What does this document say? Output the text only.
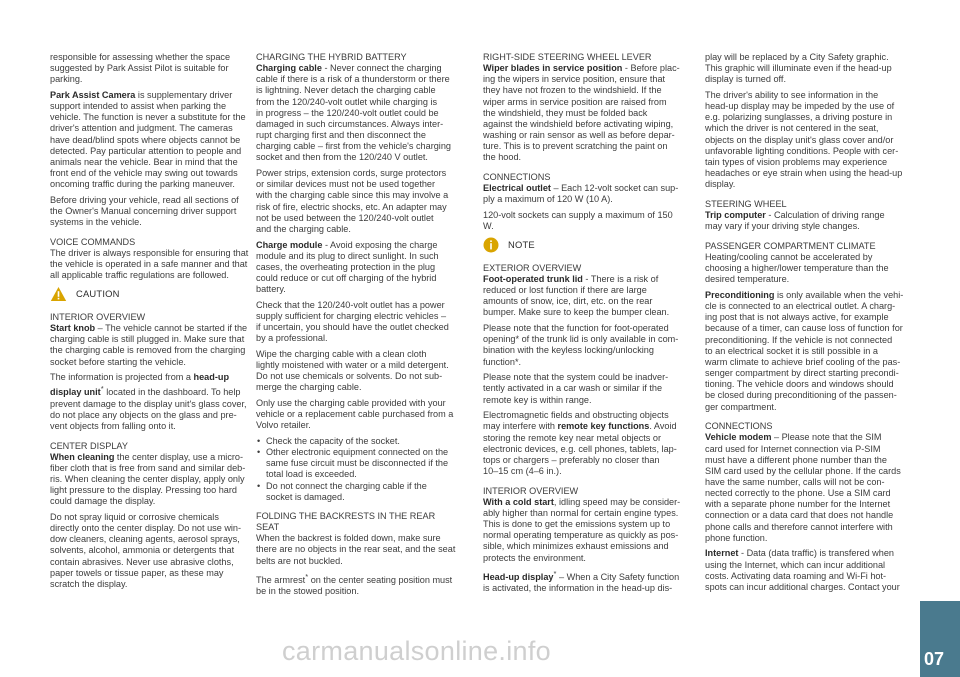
responsible for assessing whether the space
suggested by Park Assist Pilot is suitable for
parking.

Park Assist Camera is supplementary driver
support intended to assist when parking the
vehicle. The function is never a substitute for the
driver's attention and judgment. The cameras
have dead/blind spots where objects cannot be
detected. Pay particular attention to people and
animals near the vehicle. Bear in mind that the
front end of the vehicle may swing out towards
oncoming traffic during the parking maneuver.

Before driving your vehicle, read all sections of
the Owner's Manual concerning driver support
systems in the vehicle.

VOICE COMMANDS

The driver is always responsible for ensuring that
the vehicle is operated in a safe manner and that
all applicable traffic regulations are followed.

CAUTION
INTERIOR OVERVIEW

Start knob – The vehicle cannot be started if the
charging cable is still plugged in. Make sure that
the charging cable is removed from the charging
socket before starting the vehicle.

The information is projected from a head-up
display unit* located in the dashboard. To help
prevent damage to the display unit's glass cover,
do not place any objects on the glass and pre-
vent objects from falling onto it.

CENTER DISPLAY

When cleaning the center display, use a micro-
fiber cloth that is free from sand and similar deb-
ris. When cleaning the center display, apply only
light pressure to the display. Pressing too hard
could damage the display.

Do not spray liquid or corrosive chemicals
directly onto the center display. Do not use win-
dow cleaners, cleaning agents, aerosol sprays,
solvents, alcohol, ammonia or detergents that
contain abrasives. Never use abrasive cloths,
paper towels or tissue paper, as these may
scratch the display.

CHARGING THE HYBRID BATTERY

Charging cable - Never connect the charging
cable if there is a risk of a thunderstorm or there
is lightning. Never detach the charging cable
from the 120/240-volt outlet while charging is
in progress – the 120/240-volt outlet could be
damaged in such circumstances. Always inter-
rupt charging first and then disconnect the
charging cable – first from the vehicle's charging
socket and then from the 120/240 V outlet.

Power strips, extension cords, surge protectors
or similar devices must not be used together
with the charging cable since this may involve a
risk of fire, electric shocks, etc. An adapter may
not be used between the 120/240-volt outlet
and the charging cable.

Charge module - Avoid exposing the charge
module and its plug to direct sunlight. In such
cases, the overheating protection in the plug
could reduce or cut off charging of the hybrid
battery.

Check that the 120/240-volt outlet has a power
supply sufficient for charging electric vehicles –
if uncertain, you should have the outlet checked
by a professional.

Wipe the charging cable with a clean cloth
lightly moistened with water or a mild detergent.
Do not use chemicals or solvents. Do not sub-
merge the charging cable.

Only use the charging cable provided with your
vehicle or a replacement cable purchased from a
Volvo retailer.

• Check the capacity of the socket.
• Other electronic equipment connected on the
same fuse circuit must be disconnected if the
total load is exceeded.
• Do not connect the charging cable if the
socket is damaged.
FOLDING THE BACKRESTS IN THE REAR
SEAT

When the backrest is folded down, make sure
there are no objects in the rear seat, and the seat
belts are not buckled.

The armrest* on the center seating position must
be in the stowed position.

RIGHT-SIDE STEERING WHEEL LEVER

Wiper blades in service position - Before plac-
ing the wipers in service position, ensure that
they have not frozen to the windshield. If the
wiper arms in service position are raised from
the windshield, they must be folded back
against the windshield before activating wiping,
washing or rain sensor as well as before depar-
ture. This is to prevent scratching the paint on
the hood.

CONNECTIONS

Electrical outlet – Each 12-volt socket can sup-
ply a maximum of 120 W (10 A).

120-volt sockets can supply a maximum of 150
W.

NOTE
EXTERIOR OVERVIEW

Foot-operated trunk lid - There is a risk of
reduced or lost function if there are large
amounts of snow, ice, dirt, etc. on the rear
bumper. Make sure to keep the bumper clean.

Please note that the function for foot-operated
opening* of the trunk lid is only available in com-
bination with the keyless locking/unlocking
function*.

Please note that the system could be inadver-
tently activated in a car wash or similar if the
remote key is within range.

Electromagnetic fields and obstructing objects
may interfere with remote key functions. Avoid
storing the remote key near metal objects or
electronic devices, e.g. cell phones, tablets, lap-
tops or chargers – preferably no closer than
10–15 cm (4–6 in.).

INTERIOR OVERVIEW

With a cold start, idling speed may be consider-
ably higher than normal for certain engine types.
This is done to get the emissions system up to
normal operating temperature as quickly as pos-
sible, which minimizes exhaust emissions and
protects the environment.

Head-up display* – When a City Safety function
is activated, the information in the head-up dis-

play will be replaced by a City Safety graphic.
This graphic will illuminate even if the head-up
display is turned off.

The driver's ability to see information in the
head-up display may be impeded by the use of
e.g. polarizing sunglasses, a driving posture in
which the driver is not centered in the seat,
objects on the display unit's glass cover and/or
unfavorable lighting conditions. People with cer-
tain types of vision problems may experience
headaches or eye strain when using the head-up
display.

STEERING WHEEL

Trip computer - Calculation of driving range
may vary if your driving style changes.

PASSENGER COMPARTMENT CLIMATE

Heating/cooling cannot be accelerated by
choosing a higher/lower temperature than the
desired temperature.

Preconditioning is only available when the vehi-
cle is connected to an electrical outlet. A charg-
ing post that is not always active, for example
because of a timer, can cause loss of function for
preconditioning. If the vehicle is not connected
to an electrical socket it is still possible in a
warm climate to achieve brief cooling of the pas-
senger compartment by direct starting precondi-
tioning. The vehicle doors and windows should
be closed during preconditioning of the passen-
ger compartment.

CONNECTIONS

Vehicle modem – Please note that the SIM
card used for Internet connection via P-SIM
must have a different phone number than the
SIM card used by the cellular phone. If the cards
have the same number, calls will not be con-
nected correctly to the phone. Use a SIM card
with a separate phone number for the Internet
connection or a data card that does not handle
phone calls and therefore cannot interfere with
phone function.

Internet - Data (data traffic) is transfered when
using the Internet, which can incur additional
costs. Activating data roaming and Wi-Fi hot-
spots can incur additional charges. Contact your

carmanualsonline.info	07
